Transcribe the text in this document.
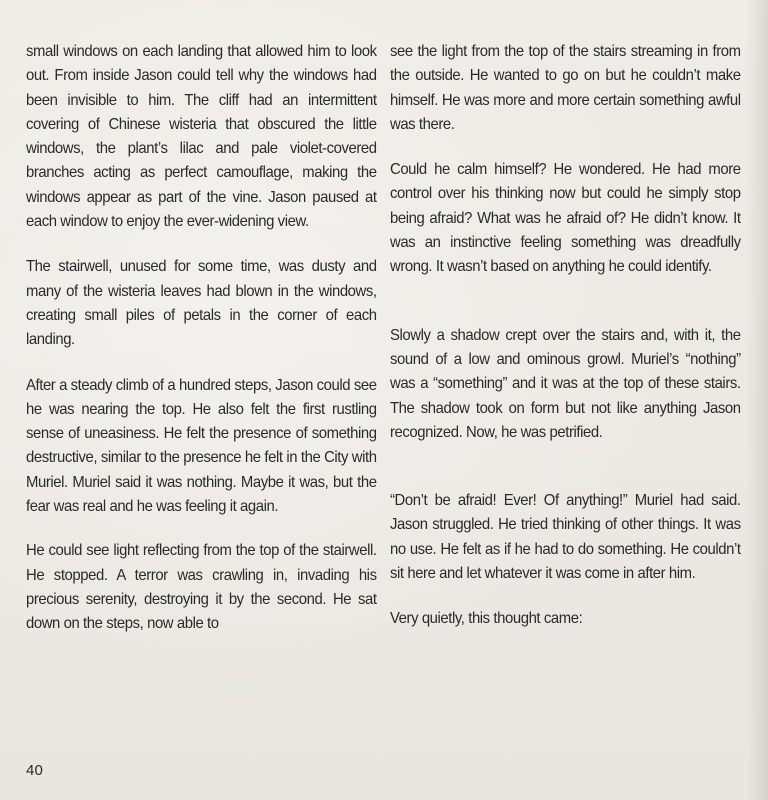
small windows on each landing that allowed him to look out. From inside Jason could tell why the windows had been invisible to him. The cliff had an intermittent covering of Chinese wisteria that obscured the little windows, the plant’s lilac and pale violet-covered branches acting as perfect camouflage, making the windows appear as part of the vine. Jason paused at each window to enjoy the ever-widening view.

The stairwell, unused for some time, was dusty and many of the wisteria leaves had blown in the windows, creating small piles of petals in the corner of each landing.

After a steady climb of a hundred steps, Jason could see he was nearing the top. He also felt the first rustling sense of uneasiness. He felt the presence of something destructive, similar to the presence he felt in the City with Muriel. Muriel said it was nothing. Maybe it was, but the fear was real and he was feeling it again.

He could see light reflecting from the top of the stairwell. He stopped. A terror was crawling in, invading his precious serenity, destroying it by the second. He sat down on the steps, now able to

see the light from the top of the stairs streaming in from the outside. He wanted to go on but he couldn’t make himself. He was more and more certain something awful was there.

Could he calm himself? He wondered. He had more control over his thinking now but could he simply stop being afraid? What was he afraid of? He didn’t know. It was an instinctive feeling something was dreadfully wrong. It wasn’t based on anything he could identify.

Slowly a shadow crept over the stairs and, with it, the sound of a low and ominous growl. Muriel’s “nothing” was a “something” and it was at the top of these stairs. The shadow took on form but not like anything Jason recognized. Now, he was petrified.

“Don’t be afraid! Ever! Of anything!” Muriel had said. Jason struggled. He tried thinking of other things. It was no use. He felt as if he had to do something. He couldn’t sit here and let whatever it was come in after him.

Very quietly, this thought came:

40
